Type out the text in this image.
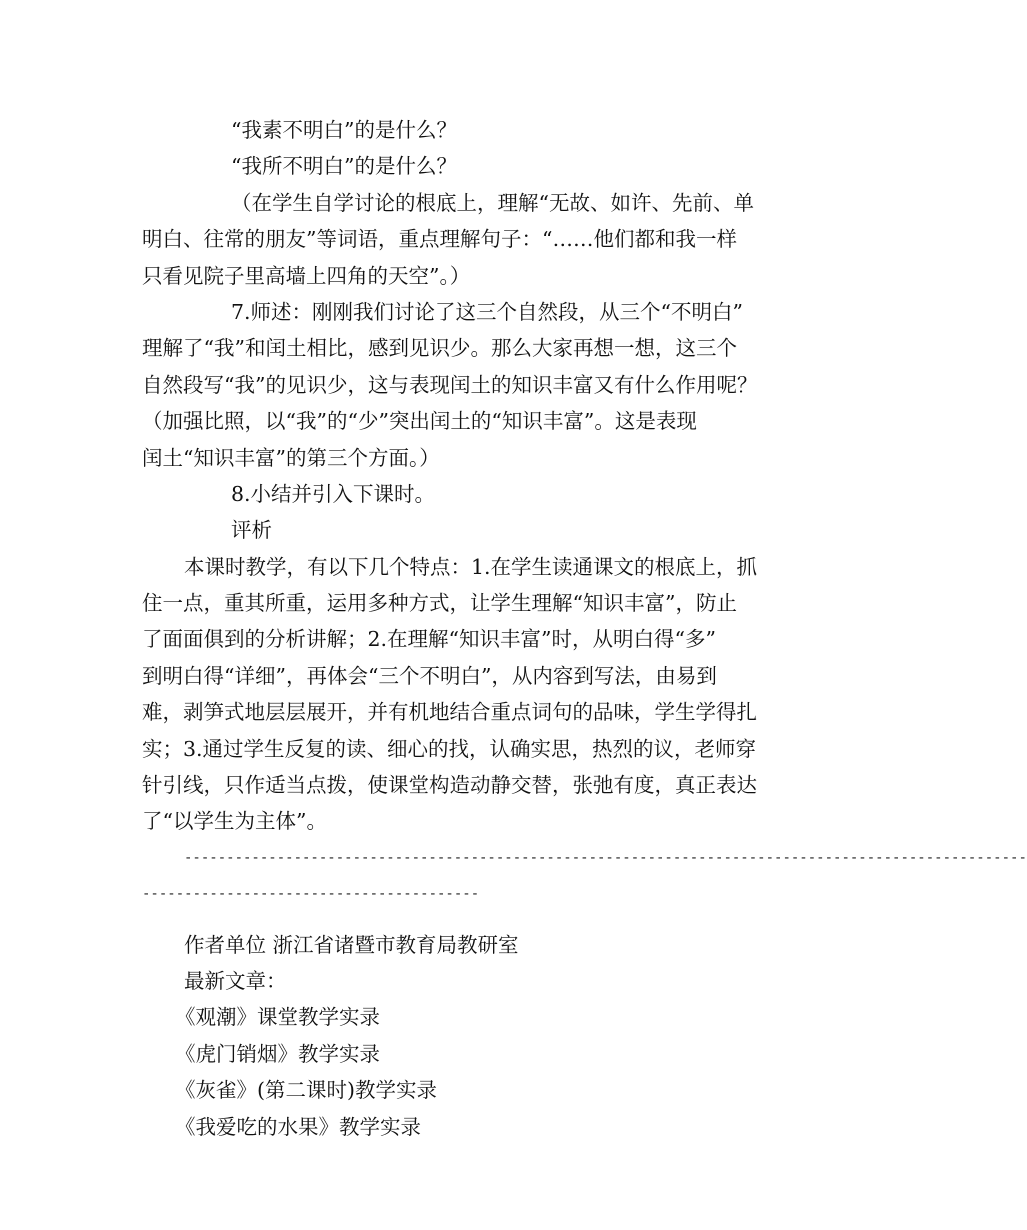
“我素不明白”的是什么？
“我所不明白”的是什么？
（在学生自学讨论的根底上，理解“无故、如许、先前、单
明白、往常的朋友”等词语，重点理解句子：“……他们都和我一样
只看见院子里高墙上四角的天空”。）
7.师述：刚刚我们讨论了这三个自然段，从三个“不明白”
理解了“我”和闰土相比，感到见识少。那么大家再想一想，这三个
自然段写“我”的见识少，这与表现闰土的知识丰富又有什么作用呢？
（加强比照，以“我”的“少”突出闰土的“知识丰富”。这是表现
闰土“知识丰富”的第三个方面。）
8.小结并引入下课时。
评析
本课时教学，有以下几个特点：1.在学生读通课文的根底上，抓
住一点，重其所重，运用多种方式，让学生理解“知识丰富”，防止
了面面俱到的分析讲解；2.在理解“知识丰富”时，从明白得“多”
到明白得“详细”，再体会“三个不明白”，从内容到写法，由易到
难，剥笋式地层层展开，并有机地结合重点词句的品味，学生学得扎
实；3.通过学生反复的读、细心的找，认确实思，热烈的议，老师穿
针引线，只作适当点拨，使课堂构造动静交替，张弛有度，真正表达
了“以学生为主体”。
----------------------------------------------------------------------------------------------------
----------------------------------------
作者单位 浙江省诸暨市教育局教研室
最新文章：
《观潮》课堂教学实录
《虎门销烟》教学实录
《灰雀》(第二课时)教学实录
《我爱吃的水果》教学实录
